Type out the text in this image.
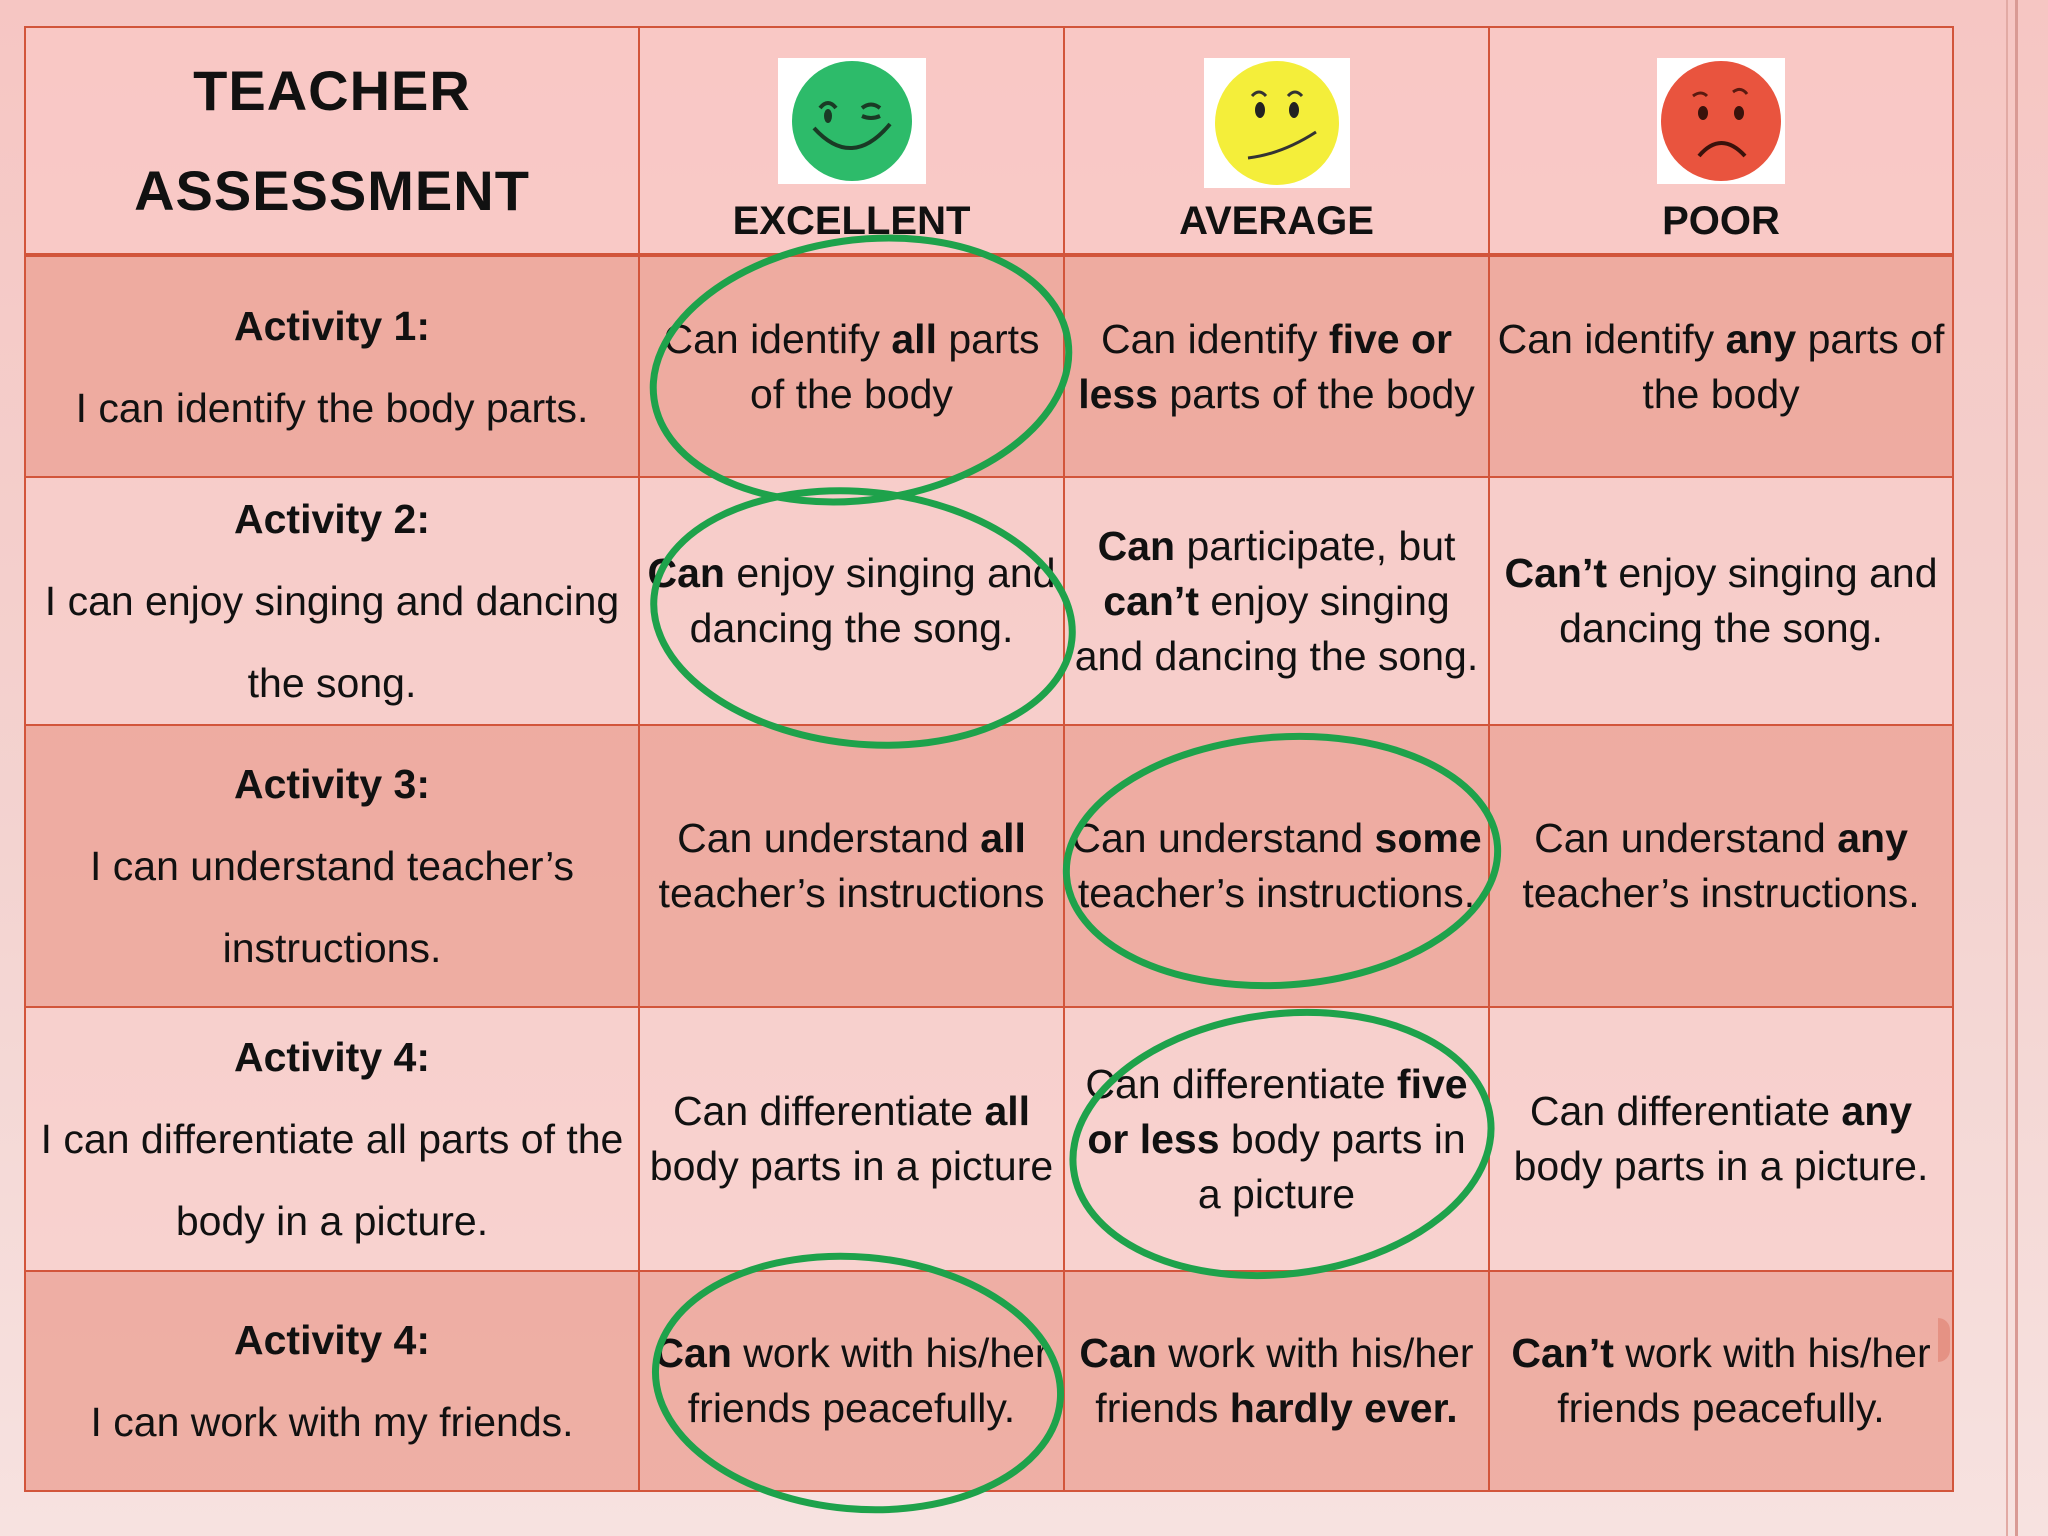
TEACHER
ASSESSMENT	EXCELLENT	AVERAGE	POOR

Activity 1:
I can identify the body parts.	Can identify all parts of the body	Can identify five or less parts of the body	Can identify any parts of the body

Activity 2:
I can enjoy singing and dancing the song.	Can enjoy singing and dancing the song.	Can participate, but can’t enjoy singing and dancing the song.	Can’t enjoy singing and dancing the song.

Activity 3:
I can understand teacher’s instructions.	Can understand all teacher’s instructions	Can understand some teacher’s instructions.	Can understand any teacher’s instructions.

Activity 4:
I can differentiate all parts of the body in a picture.	Can differentiate all body parts in a picture	Can differentiate five or less body parts in a picture	Can differentiate any body parts in a picture.

Activity 4:
I can work with my friends.	Can work with his/her friends peacefully.	Can work with his/her friends hardly ever.	Can’t work with his/her friends peacefully.
